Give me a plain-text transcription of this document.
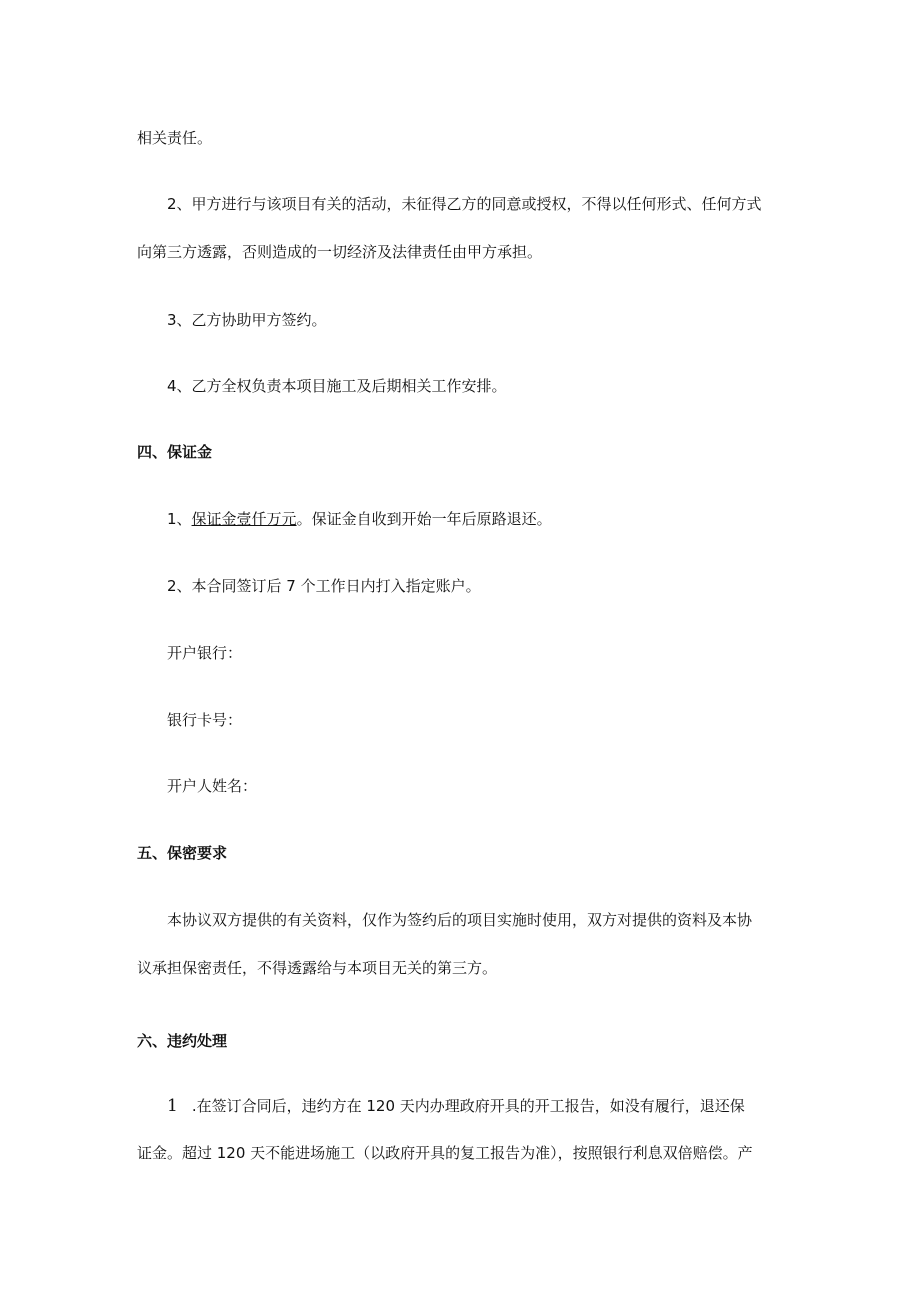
相关责任。
2、甲方进行与该项目有关的活动，未征得乙方的同意或授权，不得以任何形式、任何方式
向第三方透露，否则造成的一切经济及法律责任由甲方承担。
3、乙方协助甲方签约。
4、乙方全权负责本项目施工及后期相关工作安排。
四、保证金
1、保证金壹仟万元。保证金自收到开始一年后原路退还。
2、本合同签订后 7 个工作日内打入指定账户。
开户银行：
银行卡号：
开户人姓名：
五、保密要求
本协议双方提供的有关资料，仅作为签约后的项目实施时使用，双方对提供的资料及本协
议承担保密责任，不得透露给与本项目无关的第三方。
六、违约处理
1 .在签订合同后，违约方在 120 天内办理政府开具的开工报告，如没有履行，退还保
证金。超过 120 天不能进场施工（以政府开具的复工报告为准），按照银行利息双倍赔偿。产
